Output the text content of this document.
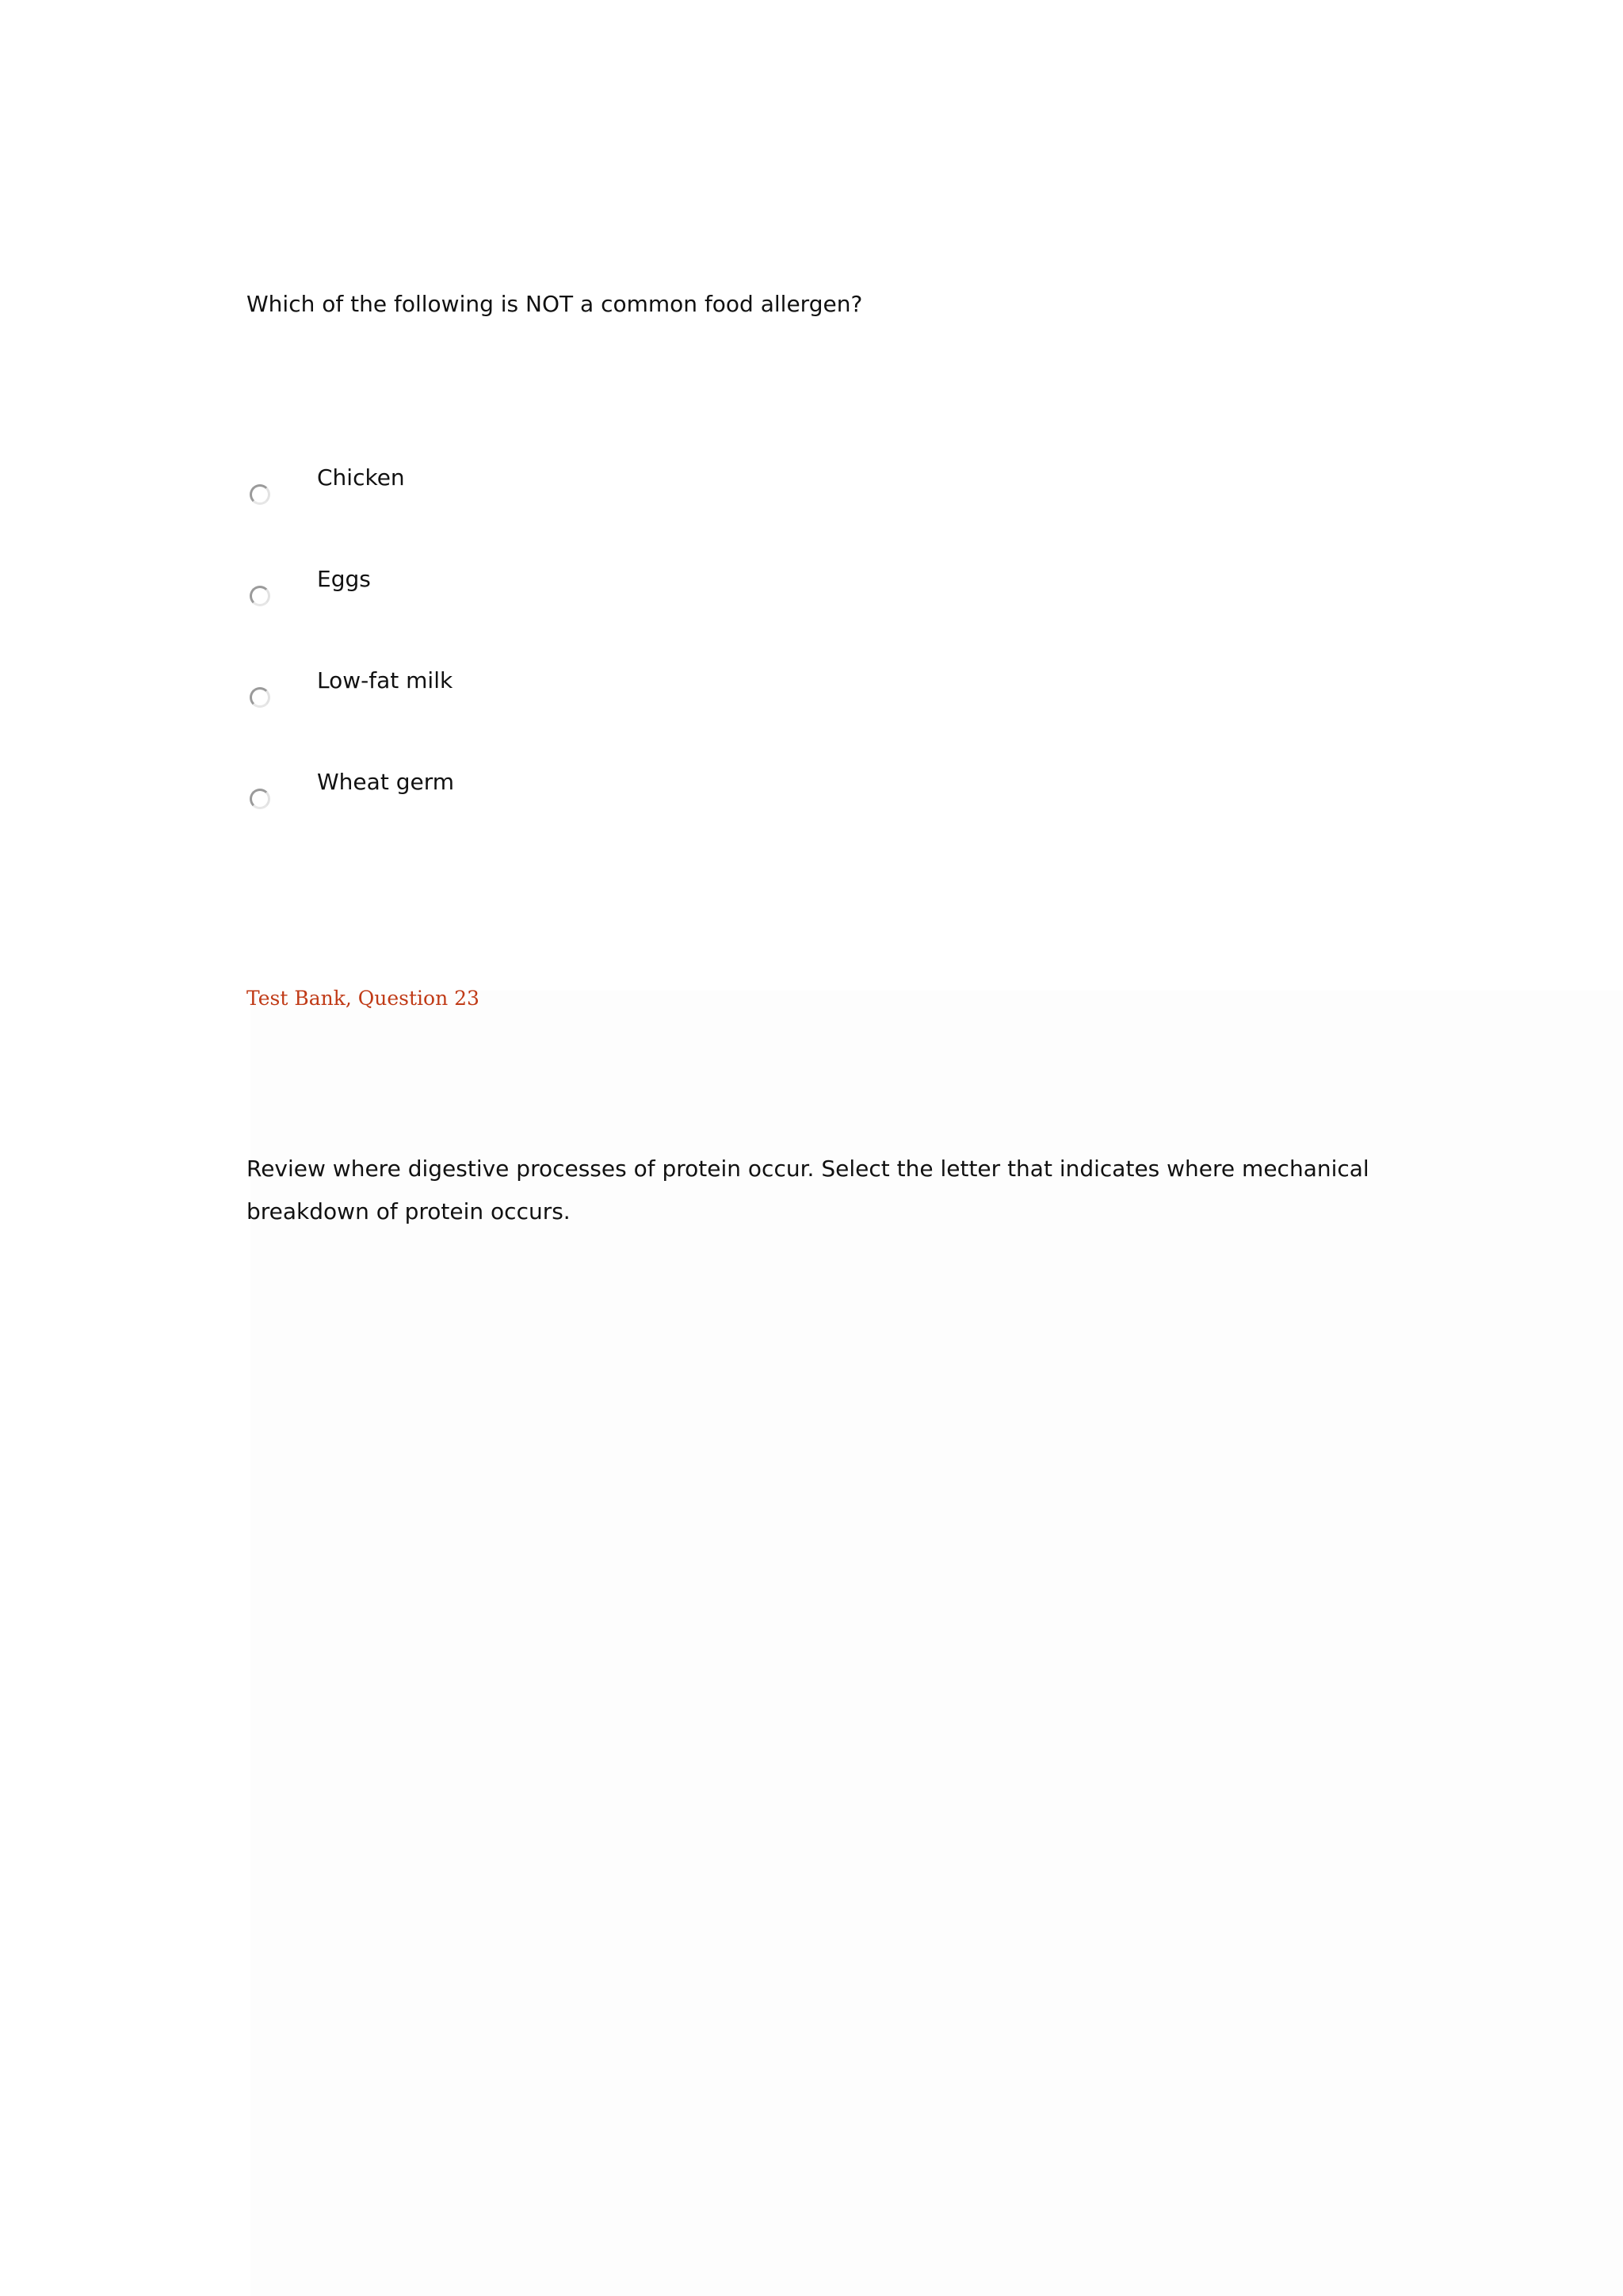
Which of the following is NOT a common food allergen?
Chicken
Eggs
Low-fat milk
Wheat germ
Test Bank, Question 23
Review where digestive processes of protein occur. Select the letter that indicates where mechanical breakdown of protein occurs.
